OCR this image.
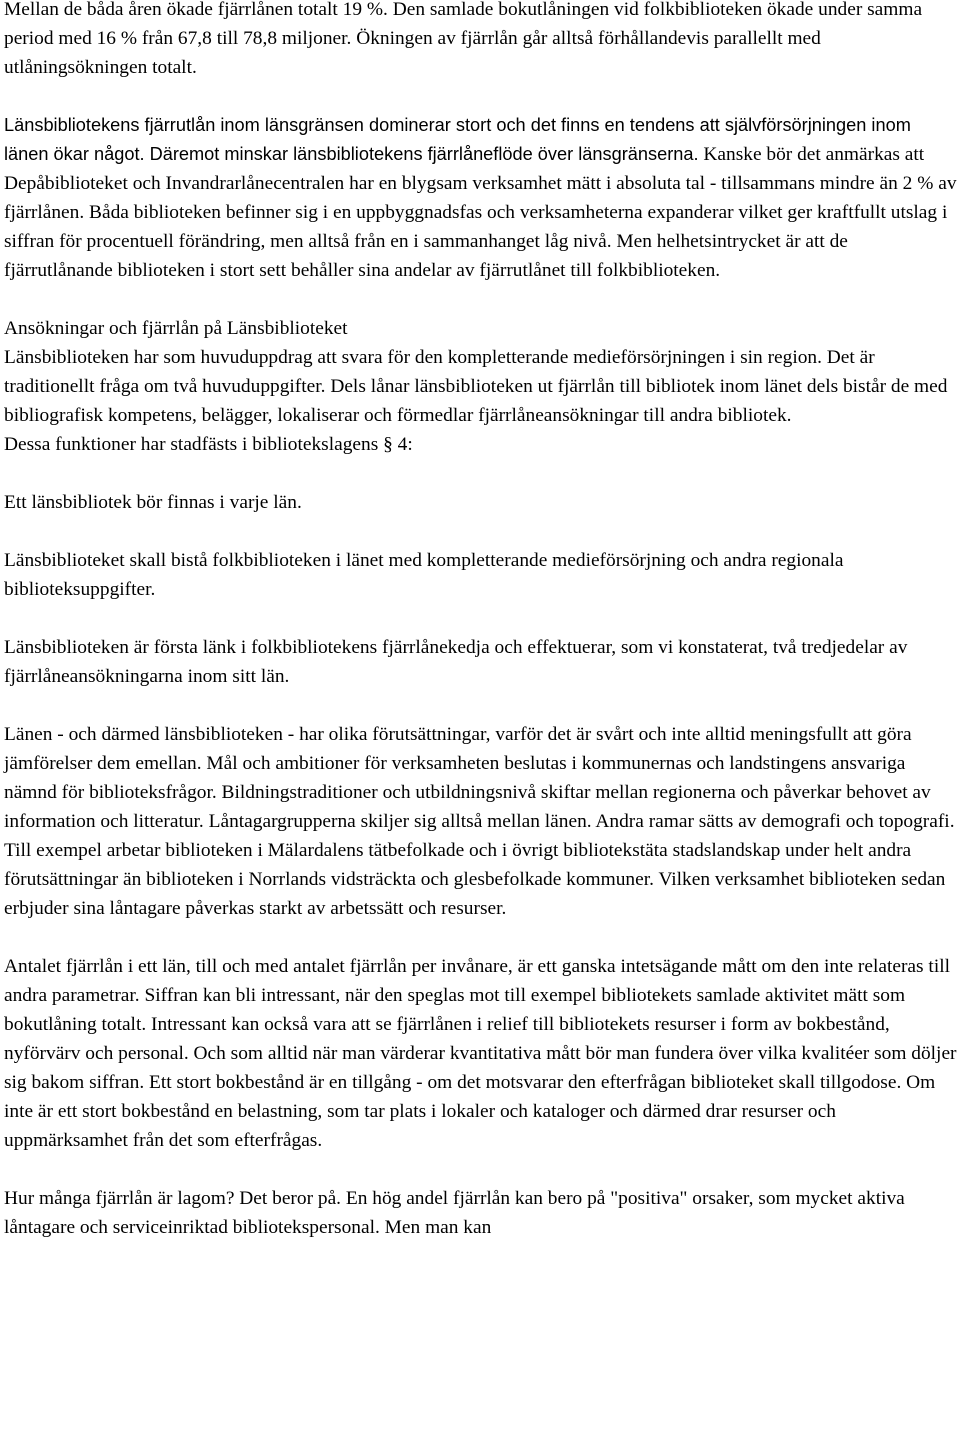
Mellan de båda åren ökade fjärrlånen totalt 19 %. Den samlade bokutlåningen vid folkbiblioteken ökade under samma period med 16 % från 67,8 till 78,8 miljoner. Ökningen av fjärrlån går alltså förhållandevis parallellt med utlåningsökningen totalt.

Länsbibliotekens fjärrutlån inom länsgränsen dominerar stort och det finns en tendens att självförsörjningen inom länen ökar något. Däremot minskar länsbibliotekens fjärrlåneflöde över länsgränserna. Kanske bör det anmärkas att Depåbiblioteket och Invandrarlånecentralen har en blygsam verksamhet mätt i absoluta tal - tillsammans mindre än 2 % av fjärrlånen. Båda biblioteken befinner sig i en uppbyggnadsfas och verksamheterna expanderar vilket ger kraftfullt utslag i siffran för procentuell förändring, men alltså från en i sammanhanget låg nivå. Men helhetsintrycket är att de fjärrutlånande biblioteken i stort sett behåller sina andelar av fjärrutlånet till folkbiblioteken.

Ansökningar och fjärrlån på Länsbiblioteket

Länsbiblioteken har som huvuduppdrag att svara för den kompletterande medieförsörjningen i sin region. Det är traditionellt fråga om två huvuduppgifter. Dels lånar länsbiblioteken ut fjärrlån till bibliotek inom länet dels bistår de med bibliografisk kompetens, belägger, lokaliserar och förmedlar fjärrlåneansökningar till andra bibliotek.

Dessa funktioner har stadfästs i bibliotekslagens § 4:

Ett länsbibliotek bör finnas i varje län.

Länsbiblioteket skall bistå folkbiblioteken i länet med kompletterande medieförsörjning och andra regionala biblioteksuppgifter.

Länsbiblioteken är första länk i folkbibliotekens fjärrlånekedja och effektuerar, som vi konstaterat, två tredjedelar av fjärrlåneansökningarna inom sitt län.

Länen - och därmed länsbiblioteken - har olika förutsättningar, varför det är svårt och inte alltid meningsfullt att göra jämförelser dem emellan. Mål och ambitioner för verksamheten beslutas i kommunernas och landstingens ansvariga nämnd för biblioteksfrågor. Bildningstraditioner och utbildningsnivå skiftar mellan regionerna och påverkar behovet av information och litteratur. Låntagargrupperna skiljer sig alltså mellan länen. Andra ramar sätts av demografi och topografi. Till exempel arbetar biblioteken i Mälardalens tätbefolkade och i övrigt bibliotekstäta stadslandskap under helt andra förutsättningar än biblioteken i Norrlands vidsträckta och glesbefolkade kommuner. Vilken verksamhet biblioteken sedan erbjuder sina låntagare påverkas starkt av arbetssätt och resurser.

Antalet fjärrlån i ett län, till och med antalet fjärrlån per invånare, är ett ganska intetsägande mått om den inte relateras till andra parametrar. Siffran kan bli intressant, när den speglas mot till exempel bibliotekets samlade aktivitet mätt som bokutlåning totalt. Intressant kan också vara att se fjärrlånen i relief till bibliotekets resurser i form av bokbestånd, nyförvärv och personal. Och som alltid när man värderar kvantitativa mått bör man fundera över vilka kvalitéer som döljer sig bakom siffran. Ett stort bokbestånd är en tillgång - om det motsvarar den efterfrågan biblioteket skall tillgodose. Om inte är ett stort bokbestånd en belastning, som tar plats i lokaler och kataloger och därmed drar resurser och uppmärksamhet från det som efterfrågas.

Hur många fjärrlån är lagom? Det beror på. En hög andel fjärrlån kan bero på "positiva" orsaker, som mycket aktiva låntagare och serviceinriktad bibliotekspersonal. Men man kan
